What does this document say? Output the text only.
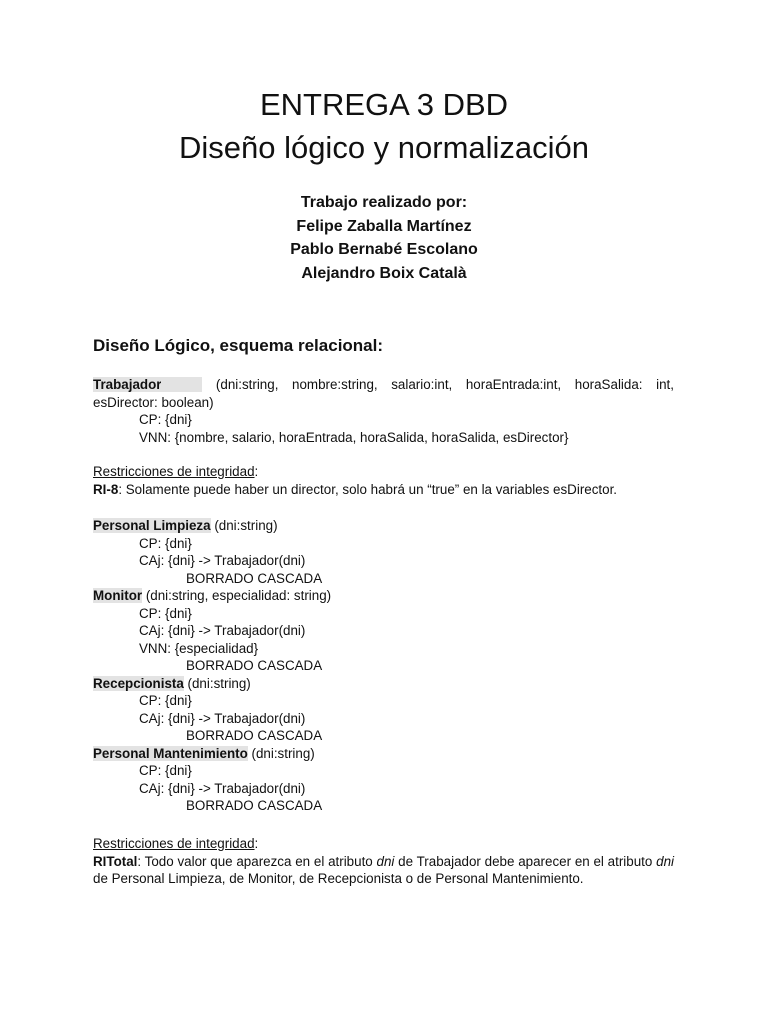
ENTREGA 3 DBD
Diseño lógico y normalización
Trabajo realizado por:
Felipe Zaballa Martínez
Pablo Bernabé Escolano
Alejandro Boix Català
Diseño Lógico, esquema relacional:
Trabajador	(dni:string, nombre:string, salario:int, horaEntrada:int, horaSalida: int,
esDirector: boolean)
CP: {dni}
VNN: {nombre, salario, horaEntrada, horaSalida, horaSalida, esDirector}
Restricciones de integridad:
RI-8: Solamente puede haber un director, solo habrá un “true” en la variables esDirector.
Personal Limpieza (dni:string)
CP: {dni}
CAj: {dni} -> Trabajador(dni)
BORRADO CASCADA
Monitor (dni:string, especialidad: string)
CP: {dni}
CAj: {dni} -> Trabajador(dni)
VNN: {especialidad}
BORRADO CASCADA
Recepcionista (dni:string)
CP: {dni}
CAj: {dni} -> Trabajador(dni)
BORRADO CASCADA
Personal Mantenimiento (dni:string)
CP: {dni}
CAj: {dni} -> Trabajador(dni)
BORRADO CASCADA
Restricciones de integridad:
RITotal: Todo valor que aparezca en el atributo dni de Trabajador debe aparecer en el atributo dni de Personal Limpieza, de Monitor, de Recepcionista o de Personal Mantenimiento.
